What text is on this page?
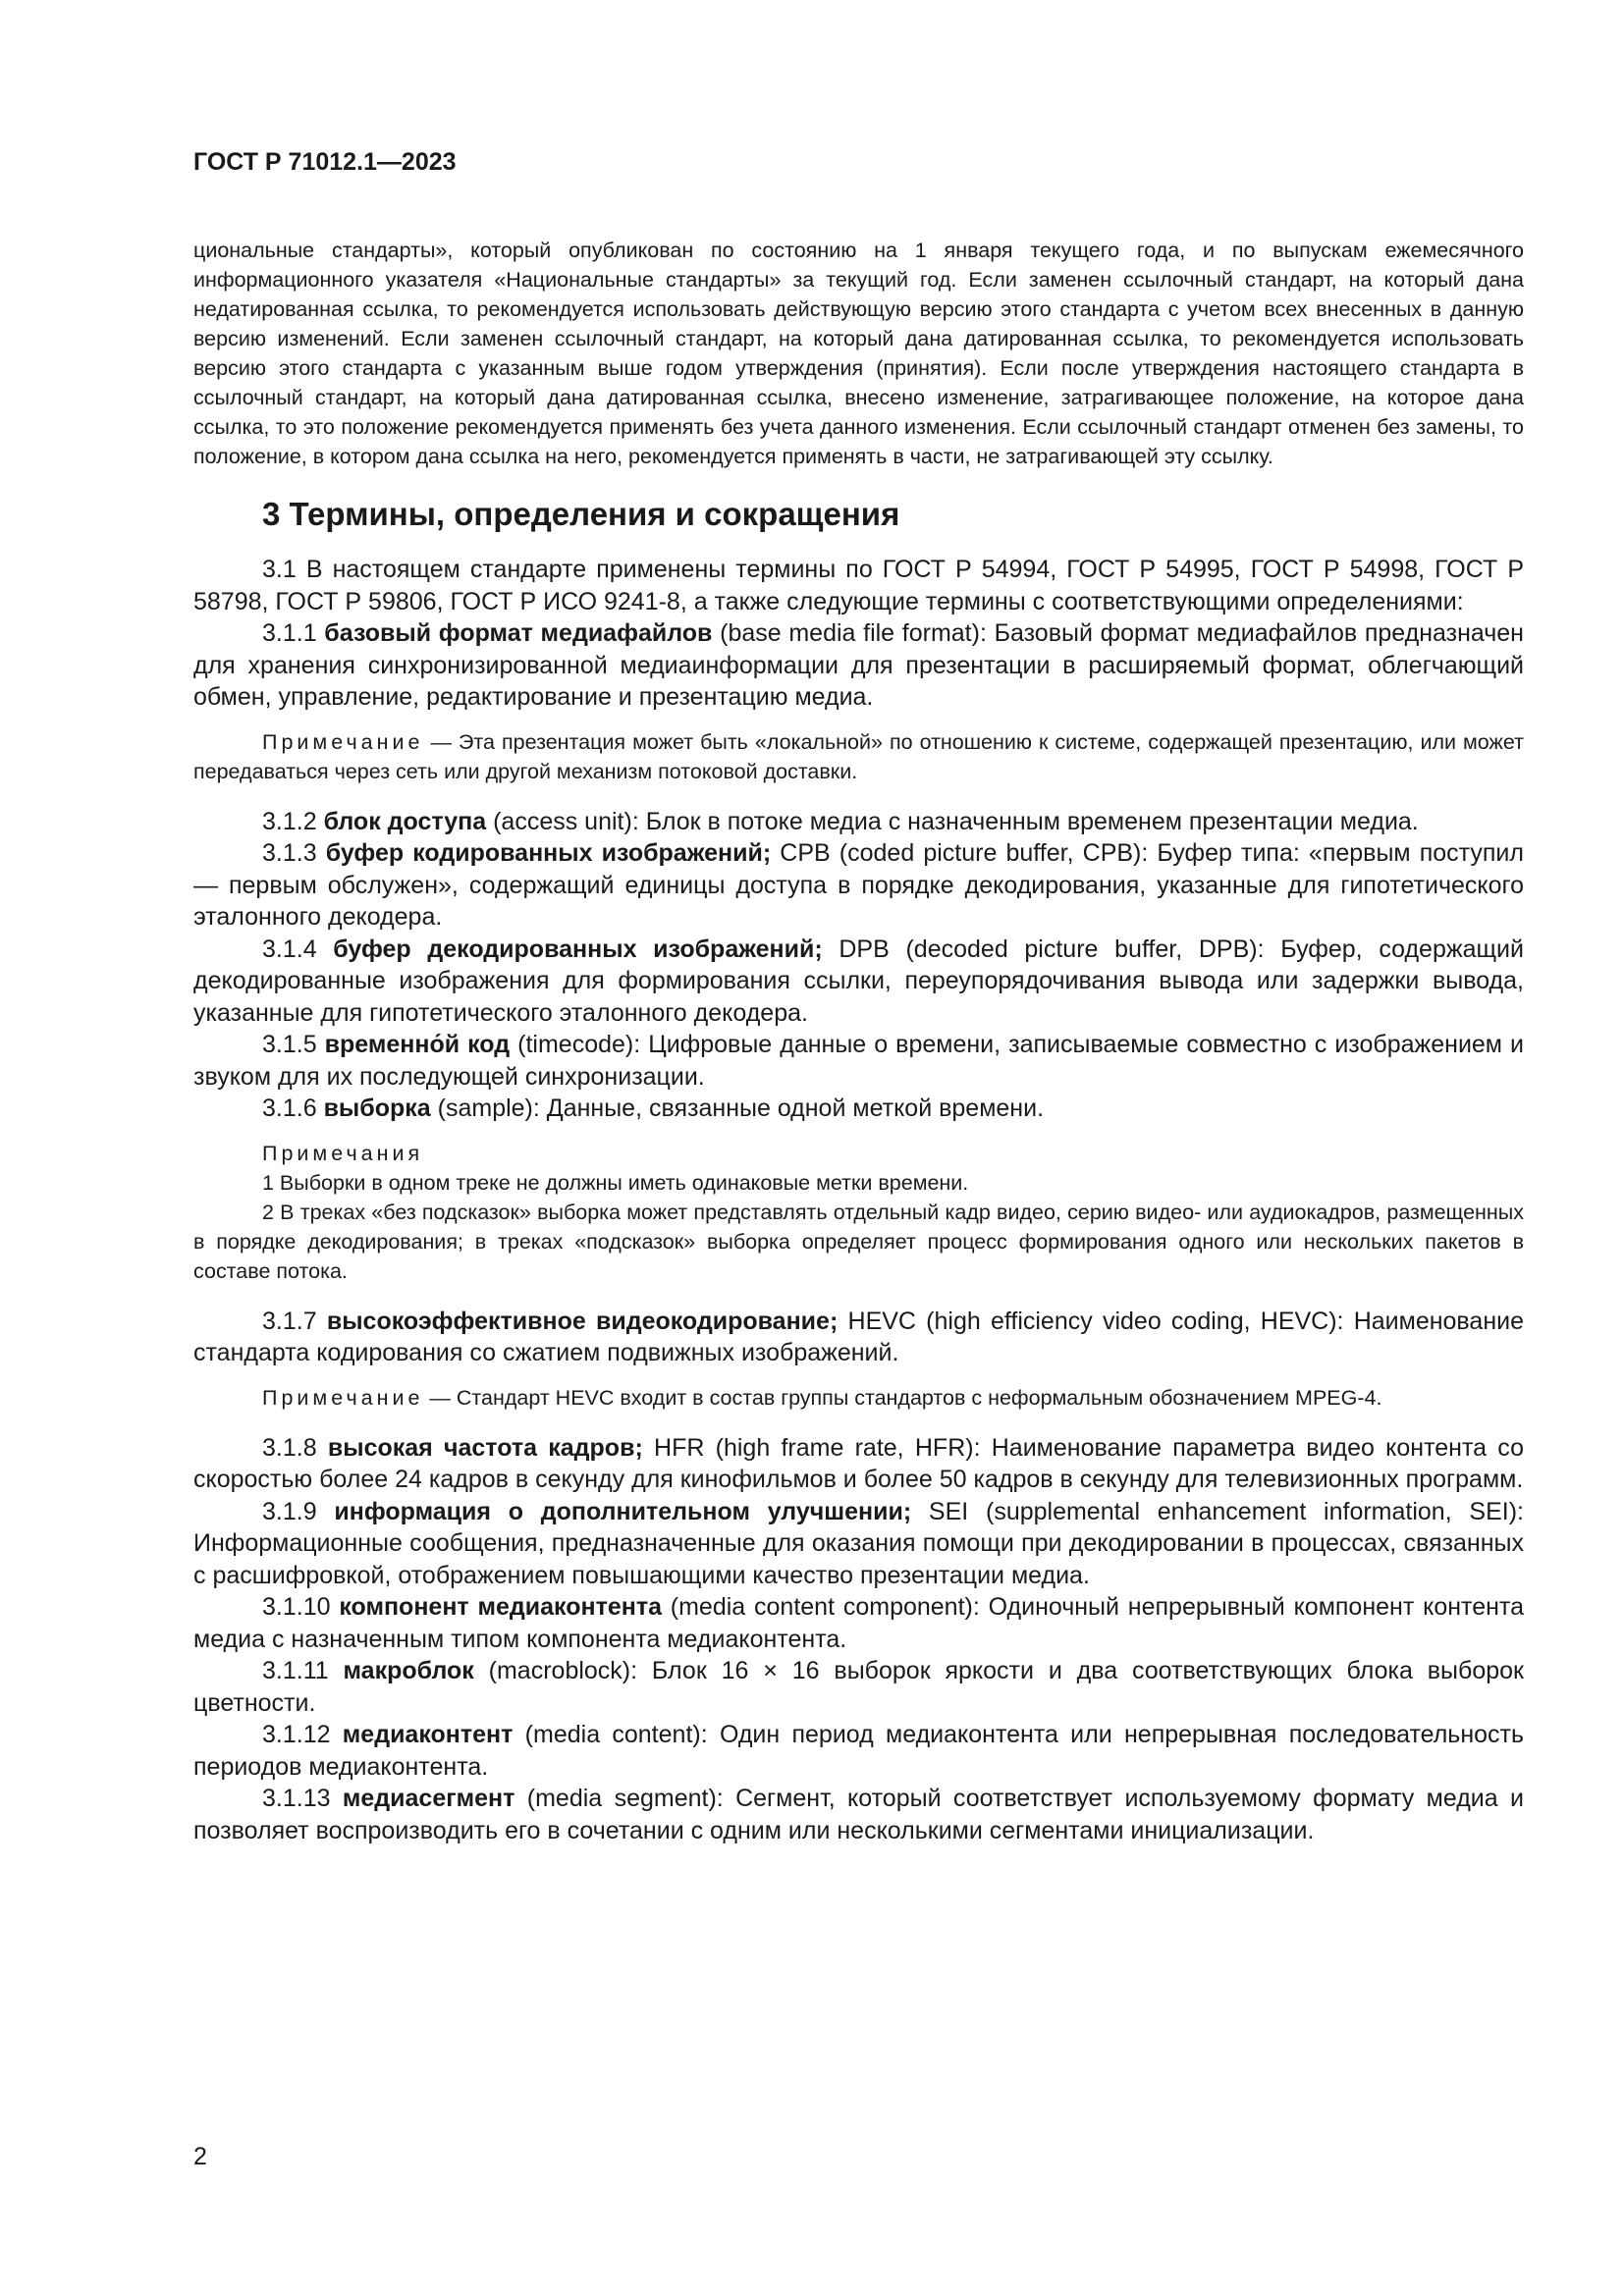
ГОСТ Р 71012.1—2023

циональные стандарты», который опубликован по состоянию на 1 января текущего года, и по выпускам ежемесячного информационного указателя «Национальные стандарты» за текущий год. Если заменен ссылочный стандарт, на который дана недатированная ссылка, то рекомендуется использовать действующую версию этого стандарта с учетом всех внесенных в данную версию изменений. Если заменен ссылочный стандарт, на который дана датированная ссылка, то рекомендуется использовать версию этого стандарта с указанным выше годом утверждения (принятия). Если после утверждения настоящего стандарта в ссылочный стандарт, на который дана датированная ссылка, внесено изменение, затрагивающее положение, на которое дана ссылка, то это положение рекомендуется применять без учета данного изменения. Если ссылочный стандарт отменен без замены, то положение, в котором дана ссылка на него, рекомендуется применять в части, не затрагивающей эту ссылку.

3 Термины, определения и сокращения

3.1 В настоящем стандарте применены термины по ГОСТ Р 54994, ГОСТ Р 54995, ГОСТ Р 54998, ГОСТ Р 58798, ГОСТ Р 59806, ГОСТ Р ИСО 9241-8, а также следующие термины с соответствующими определениями:

3.1.1 базовый формат медиафайлов (base media file format): Базовый формат медиафайлов предназначен для хранения синхронизированной медиаинформации для презентации в расширяемый формат, облегчающий обмен, управление, редактирование и презентацию медиа.

Примечание — Эта презентация может быть «локальной» по отношению к системе, содержащей презентацию, или может передаваться через сеть или другой механизм потоковой доставки.

3.1.2 блок доступа (access unit): Блок в потоке медиа с назначенным временем презентации медиа.

3.1.3 буфер кодированных изображений; CPB (coded picture buffer, CPB): Буфер типа: «первым поступил — первым обслужен», содержащий единицы доступа в порядке декодирования, указанные для гипотетического эталонного декодера.

3.1.4 буфер декодированных изображений; DPB (decoded picture buffer, DPB): Буфер, содержащий декодированные изображения для формирования ссылки, переупорядочивания вывода или задержки вывода, указанные для гипотетического эталонного декодера.

3.1.5 временно́й код (timecode): Цифровые данные о времени, записываемые совместно с изображением и звуком для их последующей синхронизации.

3.1.6 выборка (sample): Данные, связанные одной меткой времени.

Примечания

1 Выборки в одном треке не должны иметь одинаковые метки времени.

2 В треках «без подсказок» выборка может представлять отдельный кадр видео, серию видео- или аудиокадров, размещенных в порядке декодирования; в треках «подсказок» выборка определяет процесс формирования одного или нескольких пакетов в составе потока.

3.1.7 высокоэффективное видеокодирование; HEVC (high efficiency video coding, HEVC): Наименование стандарта кодирования со сжатием подвижных изображений.

Примечание — Стандарт HEVC входит в состав группы стандартов с неформальным обозначением MPEG-4.

3.1.8 высокая частота кадров; HFR (high frame rate, HFR): Наименование параметра видео контента со скоростью более 24 кадров в секунду для кинофильмов и более 50 кадров в секунду для телевизионных программ.

3.1.9 информация о дополнительном улучшении; SEI (supplemental enhancement information, SEI): Информационные сообщения, предназначенные для оказания помощи при декодировании в процессах, связанных с расшифровкой, отображением повышающими качество презентации медиа.

3.1.10 компонент медиаконтента (media content component): Одиночный непрерывный компонент контента медиа с назначенным типом компонента медиаконтента.

3.1.11 макроблок (macroblock): Блок 16 × 16 выборок яркости и два соответствующих блока выборок цветности.

3.1.12 медиаконтент (media content): Один период медиаконтента или непрерывная последовательность периодов медиаконтента.

3.1.13 медиасегмент (media segment): Сегмент, который соответствует используемому формату медиа и позволяет воспроизводить его в сочетании с одним или несколькими сегментами инициализации.

2
